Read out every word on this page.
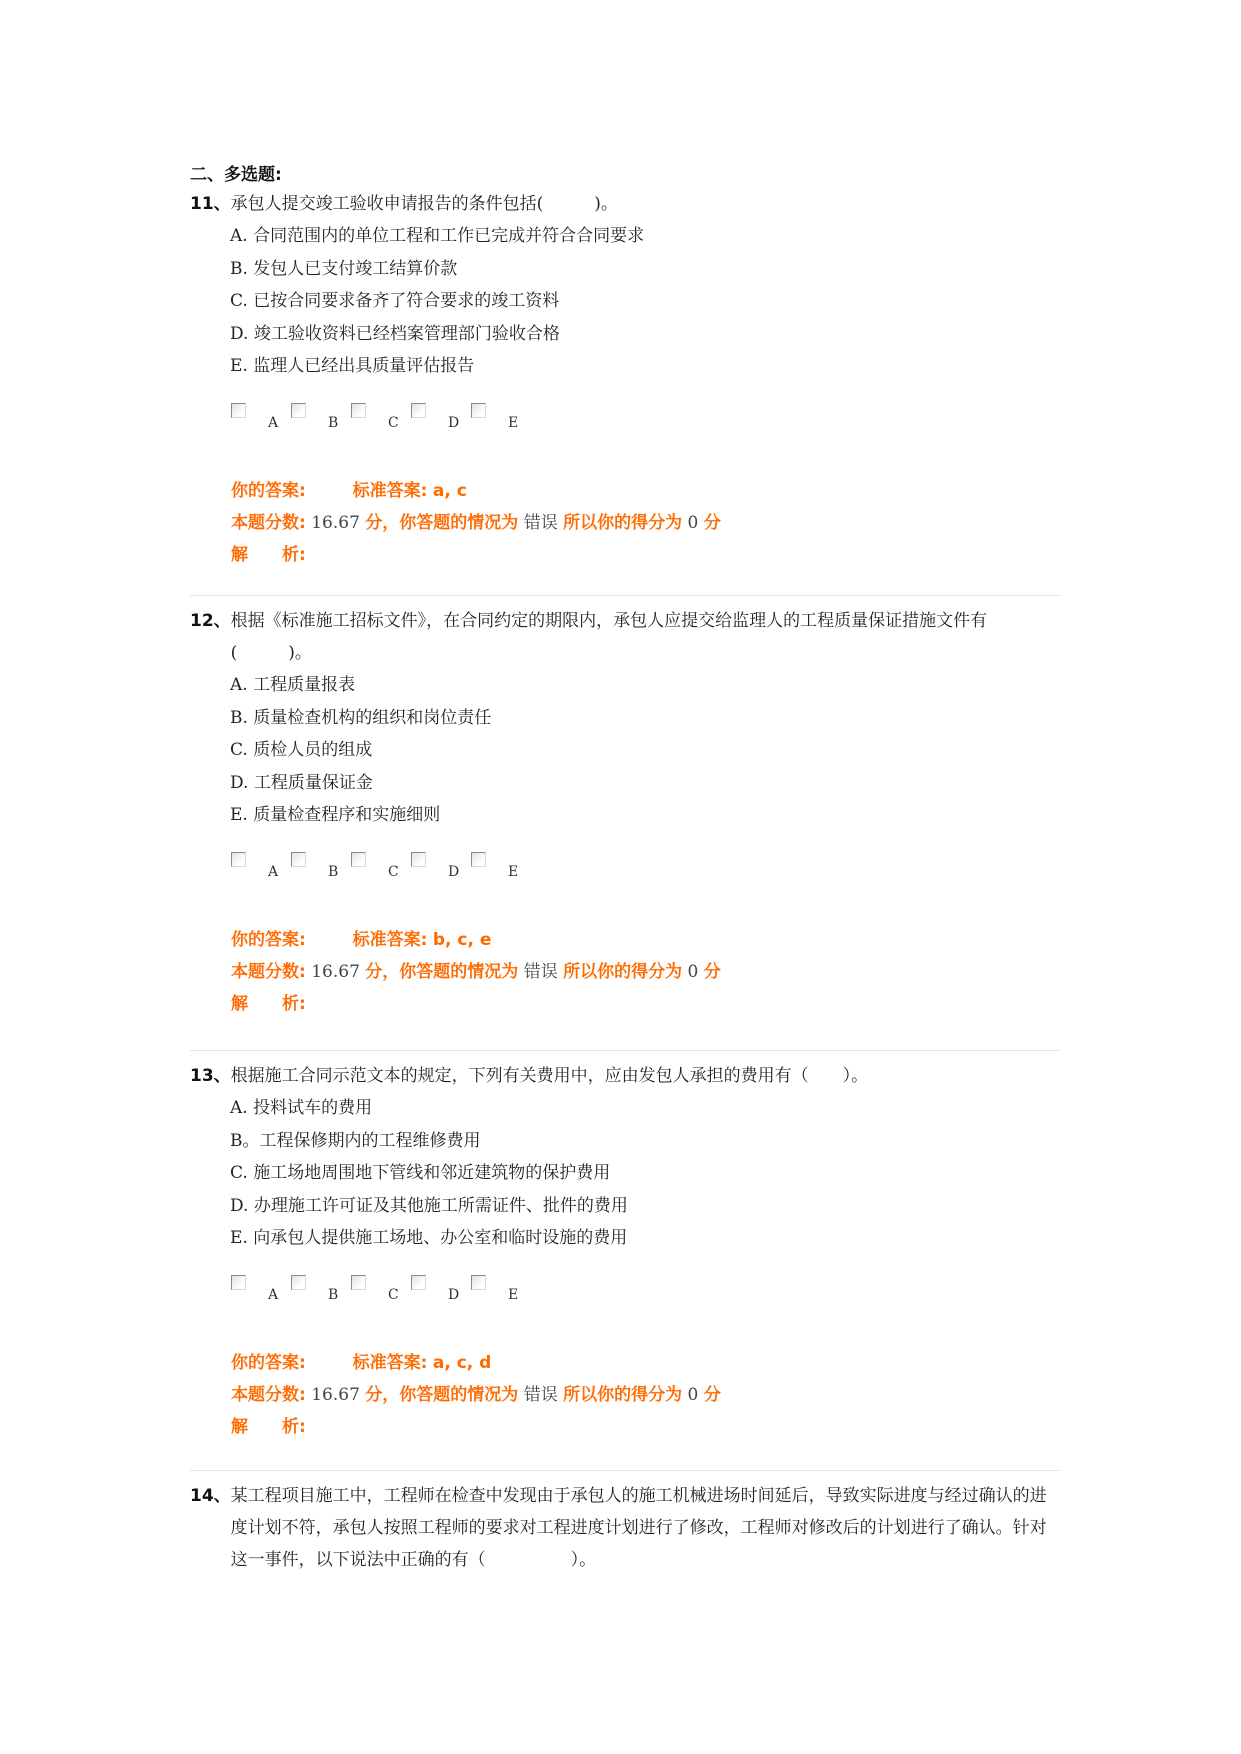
二、多选题:
11、 承包人提交竣工验收申请报告的条件包括(　　　)。
A. 合同范围内的单位工程和工作已完成并符合合同要求
B. 发包人已支付竣工结算价款
C. 已按合同要求备齐了符合要求的竣工资料
D. 竣工验收资料已经档案管理部门验收合格
E. 监理人已经出具质量评估报告
A	B	C	D	E
你的答案:	标准答案: a, c
本题分数: 16.67 分，你答题的情况为 错误 所以你的得分为 0 分
解　　析:
12、 根据《标准施工招标文件》，在合同约定的期限内，承包人应提交给监理人的工程质量保证措施文件有(　　　)。
A. 工程质量报表
B. 质量检查机构的组织和岗位责任
C. 质检人员的组成
D. 工程质量保证金
E. 质量检查程序和实施细则
A	B	C	D	E
你的答案:	标准答案: b, c, e
本题分数: 16.67 分，你答题的情况为 错误 所以你的得分为 0 分
解　　析:
13、 根据施工合同示范文本的规定，下列有关费用中，应由发包人承担的费用有（　　）。
A. 投料试车的费用
B。工程保修期内的工程维修费用
C. 施工场地周围地下管线和邻近建筑物的保护费用
D. 办理施工许可证及其他施工所需证件、批件的费用
E. 向承包人提供施工场地、办公室和临时设施的费用
A	B	C	D	E
你的答案:	标准答案: a, c, d
本题分数: 16.67 分，你答题的情况为 错误 所以你的得分为 0 分
解　　析:
14、 某工程项目施工中，工程师在检查中发现由于承包人的施工机械进场时间延后，导致实际进度与经过确认的进度计划不符，承包人按照工程师的要求对工程进度计划进行了修改，工程师对修改后的计划进行了确认。针对这一事件，以下说法中正确的有（　　　　　）。
